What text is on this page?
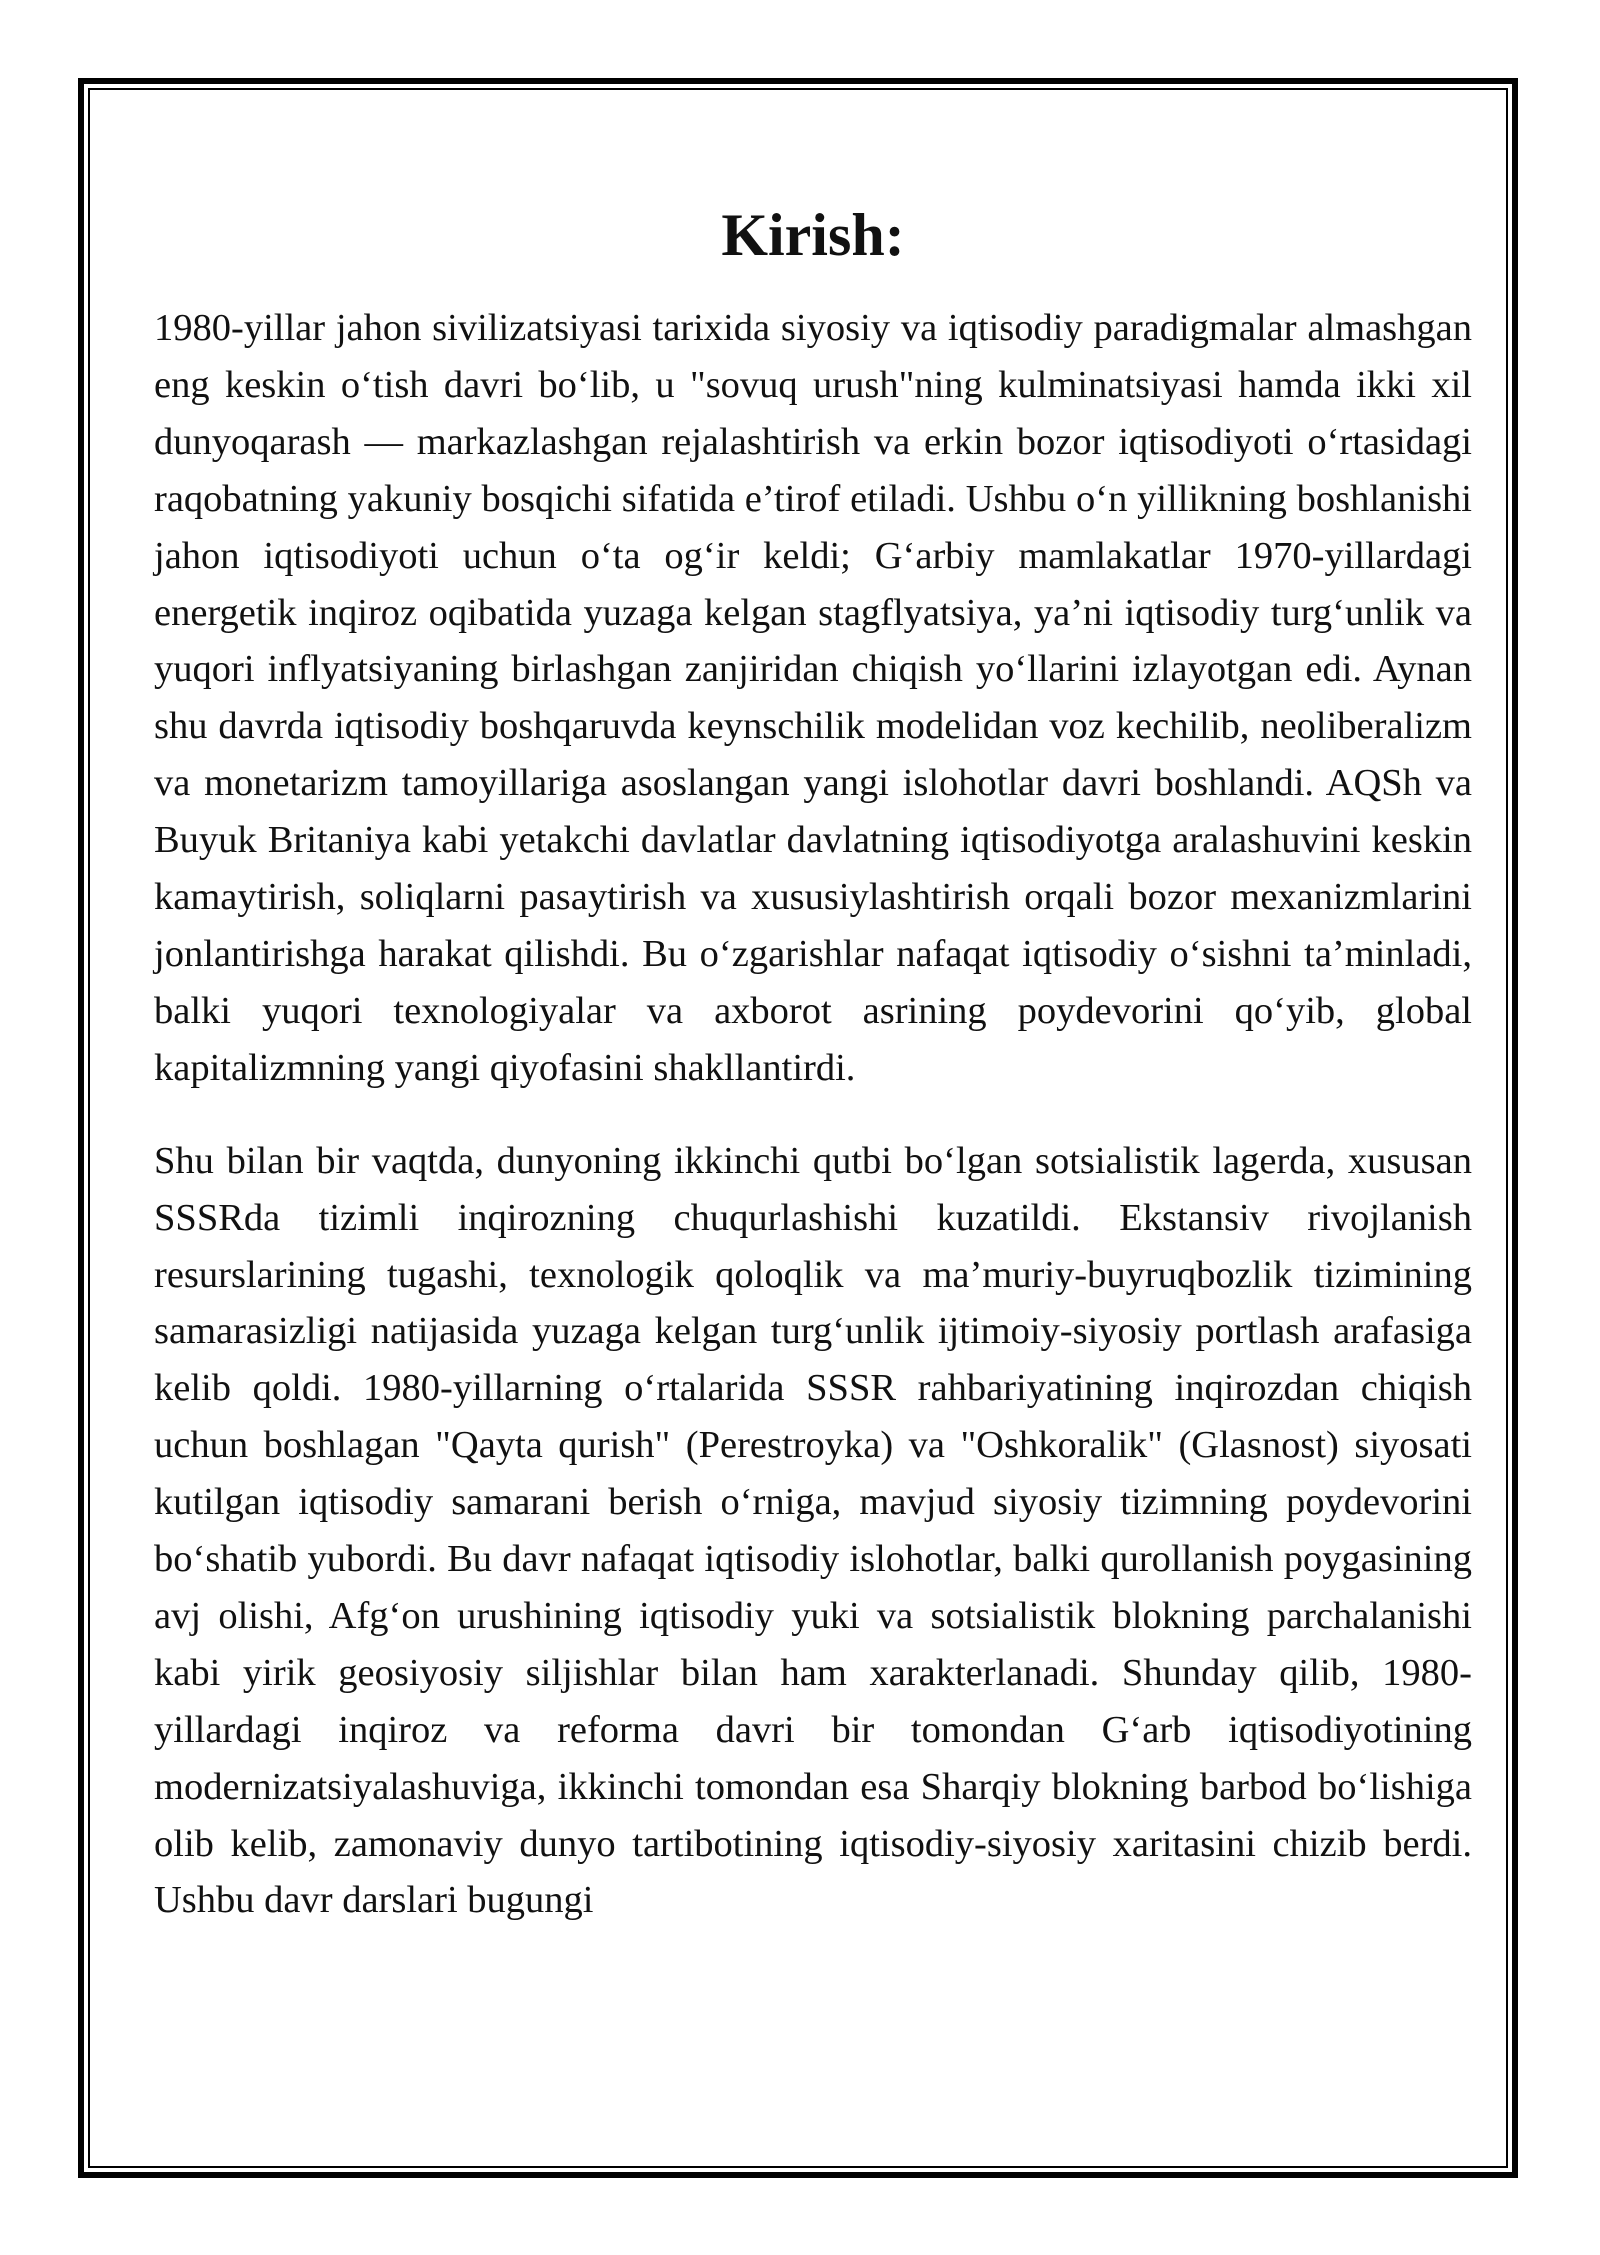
Kirish:

1980-yillar jahon sivilizatsiyasi tarixida siyosiy va iqtisodiy paradigmalar almashgan eng keskin o‘tish davri bo‘lib, u "sovuq urush"ning kulminatsiyasi hamda ikki xil dunyoqarash — markazlashgan rejalashtirish va erkin bozor iqtisodiyoti o‘rtasidagi raqobatning yakuniy bosqichi sifatida e’tirof etiladi. Ushbu o‘n yillikning boshlanishi jahon iqtisodiyoti uchun o‘ta og‘ir keldi; G‘arbiy mamlakatlar 1970-yillardagi energetik inqiroz oqibatida yuzaga kelgan stagflyatsiya, ya’ni iqtisodiy turg‘unlik va yuqori inflyatsiyaning birlashgan zanjiridan chiqish yo‘llarini izlayotgan edi. Aynan shu davrda iqtisodiy boshqaruvda keynschilik modelidan voz kechilib, neoliberalizm va monetarizm tamoyillariga asoslangan yangi islohotlar davri boshlandi. AQSh va Buyuk Britaniya kabi yetakchi davlatlar davlatning iqtisodiyotga aralashuvini keskin kamaytirish, soliqlarni pasaytirish va xususiylashtirish orqali bozor mexanizmlarini jonlantirishga harakat qilishdi. Bu o‘zgarishlar nafaqat iqtisodiy o‘sishni ta’minladi, balki yuqori texnologiyalar va axborot asrining poydevorini qo‘yib, global kapitalizmning yangi qiyofasini shakllantirdi.

Shu bilan bir vaqtda, dunyoning ikkinchi qutbi bo‘lgan sotsialistik lagerda, xususan SSSRda tizimli inqirozning chuqurlashishi kuzatildi. Ekstansiv rivojlanish resurslarining tugashi, texnologik qoloqlik va ma’muriy-buyruqbozlik tizimining samarasizligi natijasida yuzaga kelgan turg‘unlik ijtimoiy-siyosiy portlash arafasiga kelib qoldi. 1980-yillarning o‘rtalarida SSSR rahbariyatining inqirozdan chiqish uchun boshlagan "Qayta qurish" (Perestroyka) va "Oshkoralik" (Glasnost) siyosati kutilgan iqtisodiy samarani berish o‘rniga, mavjud siyosiy tizimning poydevorini bo‘shatib yubordi. Bu davr nafaqat iqtisodiy islohotlar, balki qurollanish poygasining avj olishi, Afg‘on urushining iqtisodiy yuki va sotsialistik blokning parchalanishi kabi yirik geosiyosiy siljishlar bilan ham xarakterlanadi. Shunday qilib, 1980-yillardagi inqiroz va reforma davri bir tomondan G‘arb iqtisodiyotining modernizatsiyalashuviga, ikkinchi tomondan esa Sharqiy blokning barbod bo‘lishiga olib kelib, zamonaviy dunyo tartibotining iqtisodiy-siyosiy xaritasini chizib berdi. Ushbu davr darslari bugungi
